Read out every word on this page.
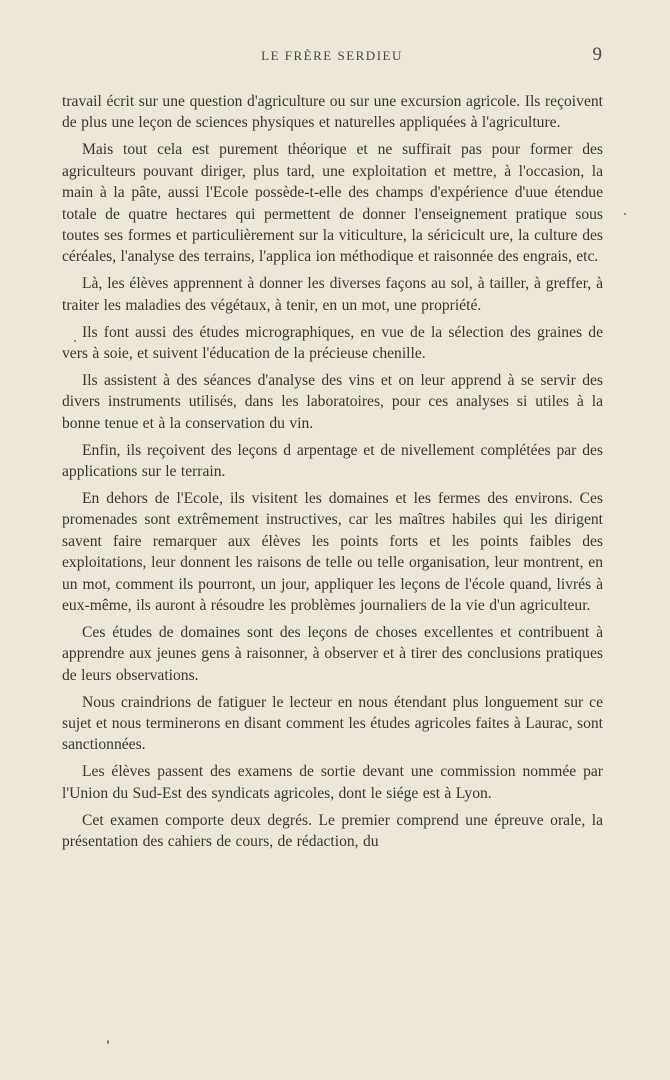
LE FRÈRE SERDIEU	9

travail écrit sur une question d'agriculture ou sur une excursion agricole. Ils reçoivent de plus une leçon de sciences physiques et naturelles appliquées à l'agriculture.

Mais tout cela est purement théorique et ne suffirait pas pour former des agriculteurs pouvant diriger, plus tard, une exploitation et mettre, à l'occasion, la main à la pâte, aussi l'Ecole possède-t-elle des champs d'expérience d'uue étendue totale de quatre hectares qui permettent de donner l'enseignement pratique sous toutes ses formes et particulièrement sur la viticulture, la séricicult ure, la culture des céréales, l'analyse des terrains, l'applica ion méthodique et raisonnée des engrais, etc.

Là, les élèves apprennent à donner les diverses façons au sol, à tailler, à greffer, à traiter les maladies des végétaux, à tenir, en un mot, une propriété.

Ils font aussi des études micrographiques, en vue de la sélection des graines de vers à soie, et suivent l'éducation de la précieuse chenille.

Ils assistent à des séances d'analyse des vins et on leur apprend à se servir des divers instruments utilisés, dans les laboratoires, pour ces analyses si utiles à la bonne tenue et à la conservation du vin.

Enfin, ils reçoivent des leçons d arpentage et de nivellement complétées par des applications sur le terrain.

En dehors de l'Ecole, ils visitent les domaines et les fermes des environs. Ces promenades sont extrêmement instructives, car les maîtres habiles qui les dirigent savent faire remarquer aux élèves les points forts et les points faibles des exploitations, leur donnent les raisons de telle ou telle organisation, leur montrent, en un mot, comment ils pourront, un jour, appliquer les leçons de l'école quand, livrés à eux-même, ils auront à résoudre les problèmes journaliers de la vie d'un agriculteur.

Ces études de domaines sont des leçons de choses excellentes et contribuent à apprendre aux jeunes gens à raisonner, à observer et à tirer des conclusions pratiques de leurs observations.

Nous craindrions de fatiguer le lecteur en nous étendant plus longuement sur ce sujet et nous terminerons en disant comment les études agricoles faites à Laurac, sont sanctionnées.

Les élèves passent des examens de sortie devant une commission nommée par l'Union du Sud-Est des syndicats agricoles, dont le siége est à Lyon.

Cet examen comporte deux degrés. Le premier comprend une épreuve orale, la présentation des cahiers de cours, de rédaction, du
